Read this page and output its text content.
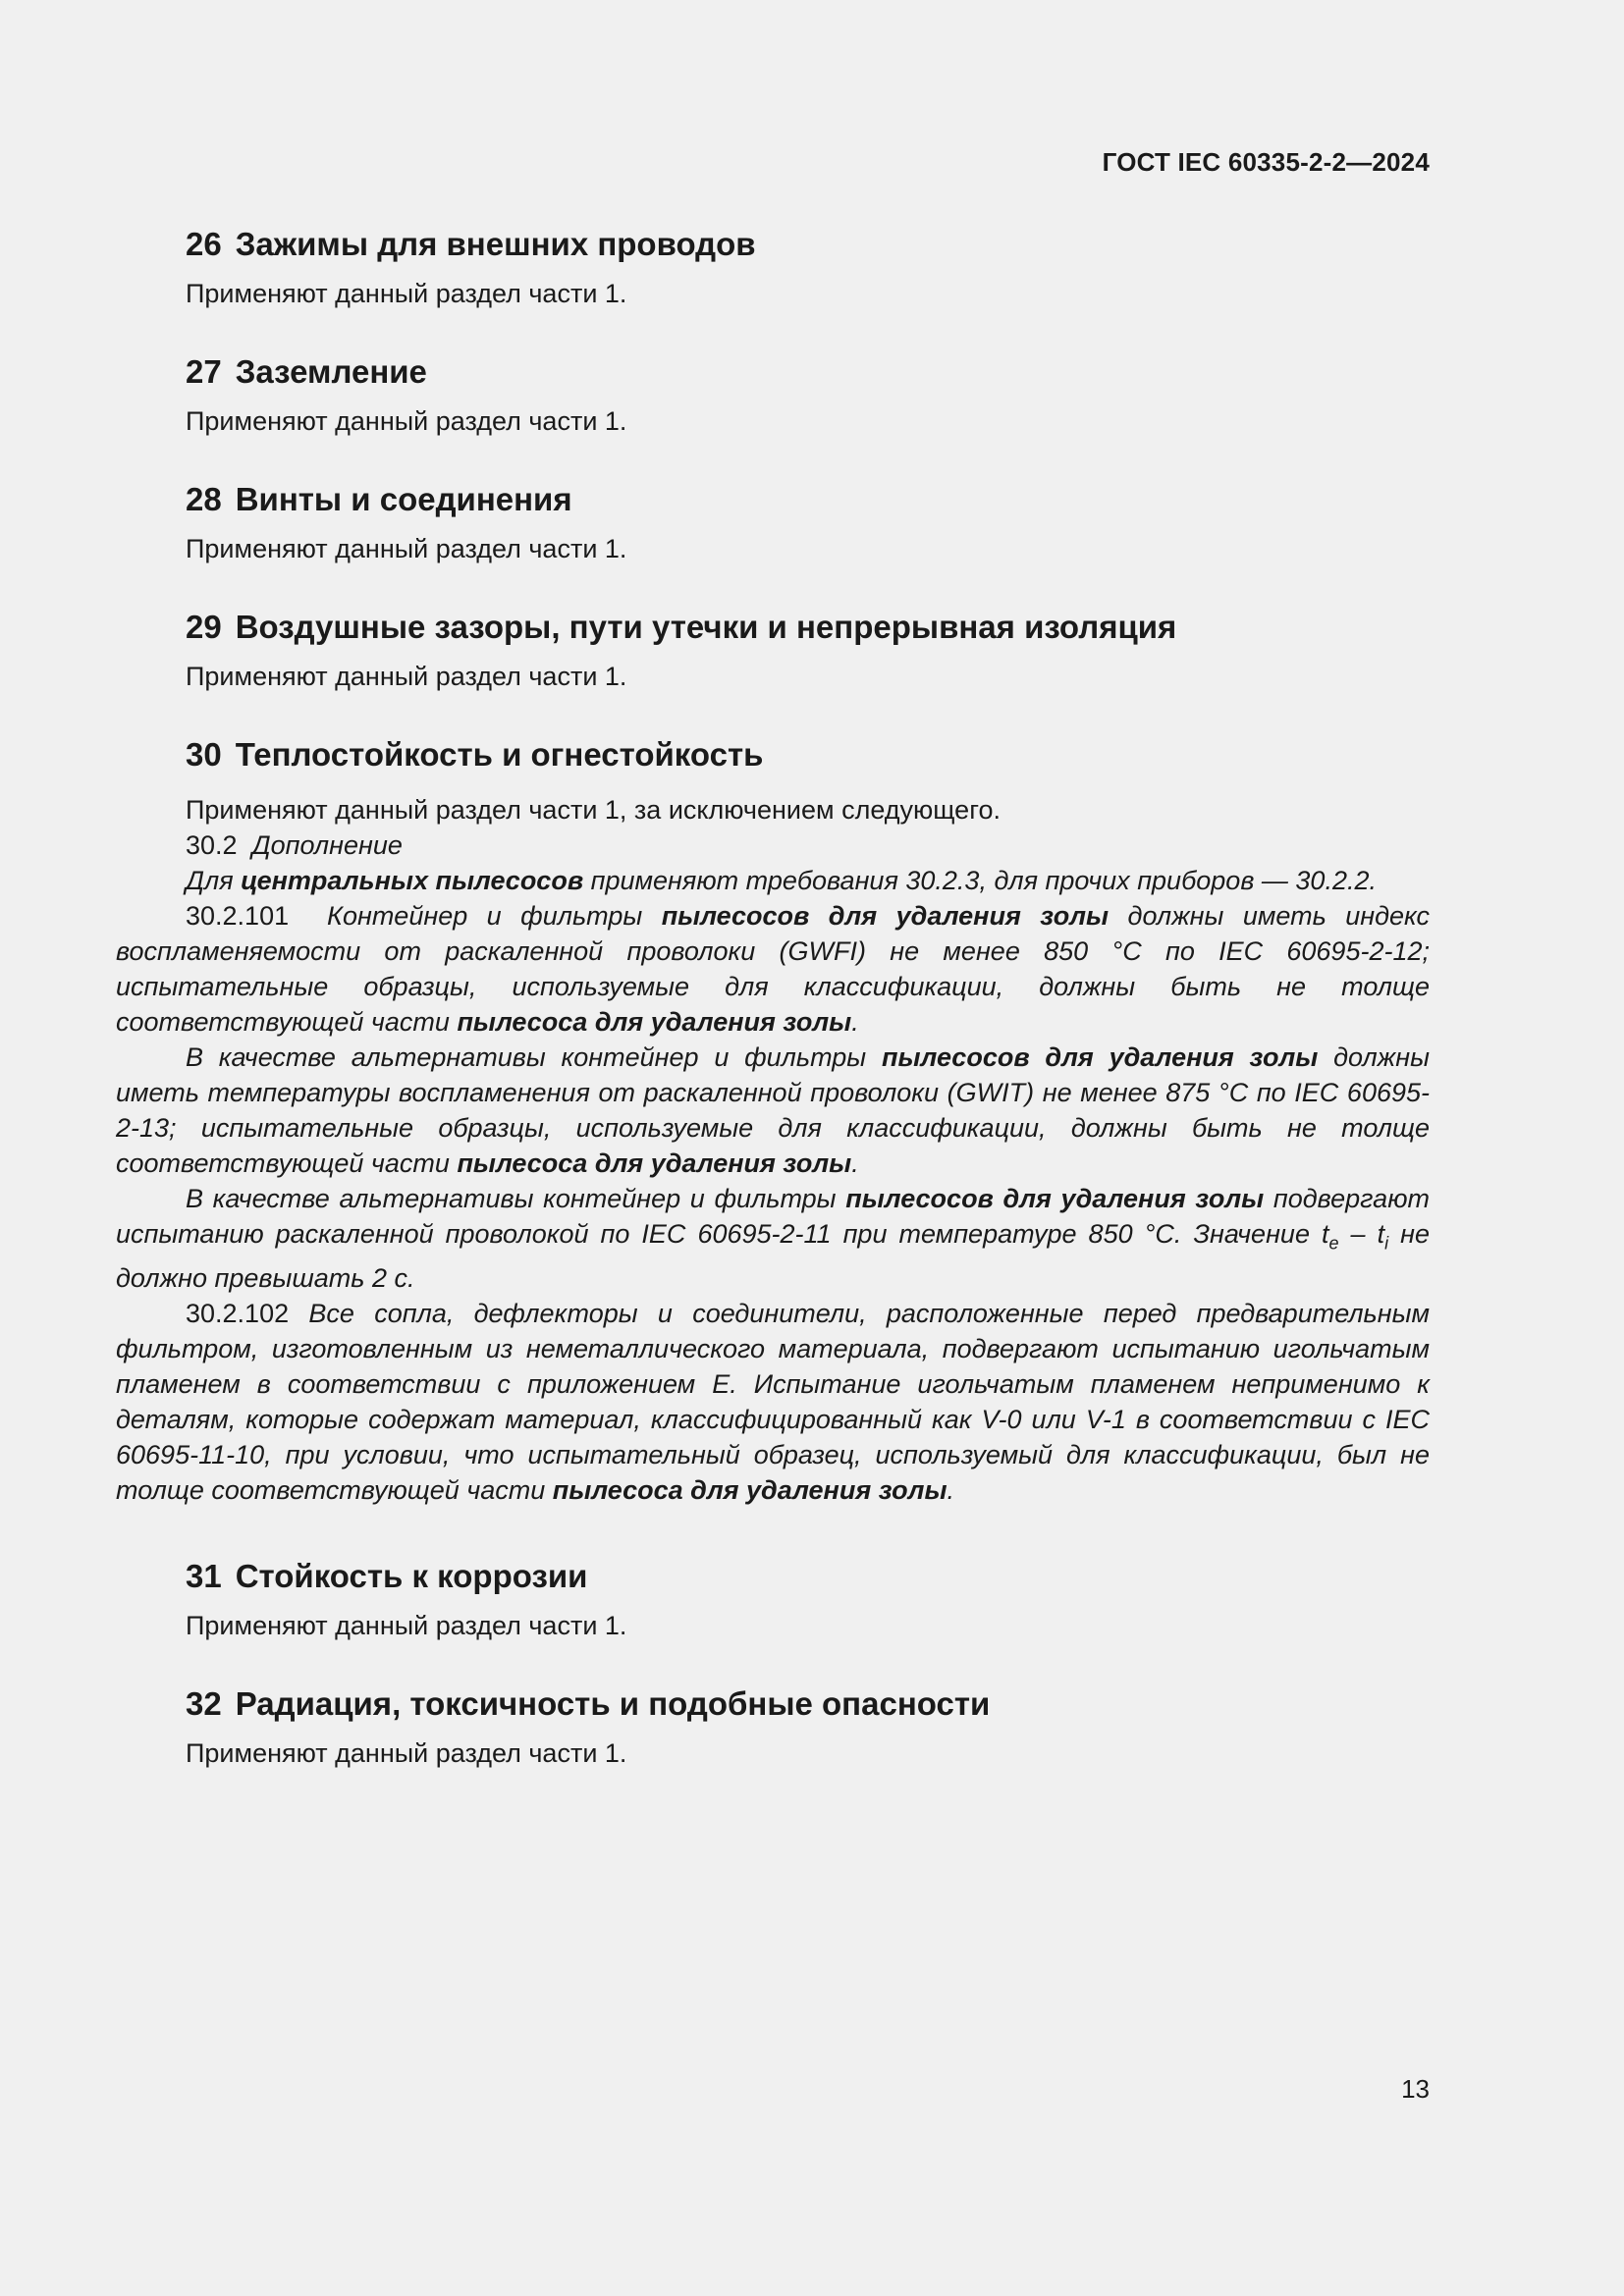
ГОСТ IEC 60335-2-2—2024
26 Зажимы для внешних проводов

Применяют данный раздел части 1.

27 Заземление

Применяют данный раздел части 1.

28 Винты и соединения

Применяют данный раздел части 1.

29 Воздушные зазоры, пути утечки и непрерывная изоляция

Применяют данный раздел части 1.

30 Теплостойкость и огнестойкость

Применяют данный раздел части 1, за исключением следующего.

30.2 Дополнение

Для центральных пылесосов применяют требования 30.2.3, для прочих приборов — 30.2.2.

30.2.101 Контейнер и фильтры пылесосов для удаления золы должны иметь индекс воспламеняемости от раскаленной проволоки (GWFI) не менее 850 °C по IEC 60695-2-12; испытательные образцы, используемые для классификации, должны быть не толще соответствующей части пылесоса для удаления золы.

В качестве альтернативы контейнер и фильтры пылесосов для удаления золы должны иметь температуры воспламенения от раскаленной проволоки (GWIT) не менее 875 °C по IEC 60695-2-13; испытательные образцы, используемые для классификации, должны быть не толще соответствующей части пылесоса для удаления золы.

В качестве альтернативы контейнер и фильтры пылесосов для удаления золы подвергают испытанию раскаленной проволокой по IEC 60695-2-11 при температуре 850 °C. Значение $t_e - t_i$ не должно превышать 2 с.

30.2.102 Все сопла, дефлекторы и соединители, расположенные перед предварительным фильтром, изготовленным из неметаллического материала, подвергают испытанию игольчатым пламенем в соответствии с приложением E. Испытание игольчатым пламенем неприменимо к деталям, которые содержат материал, классифицированный как V-0 или V-1 в соответствии с IEC 60695-11-10, при условии, что испытательный образец, используемый для классификации, был не толще соответствующей части пылесоса для удаления золы.

31 Стойкость к коррозии

Применяют данный раздел части 1.

32 Радиация, токсичность и подобные опасности

Применяют данный раздел части 1.

13
